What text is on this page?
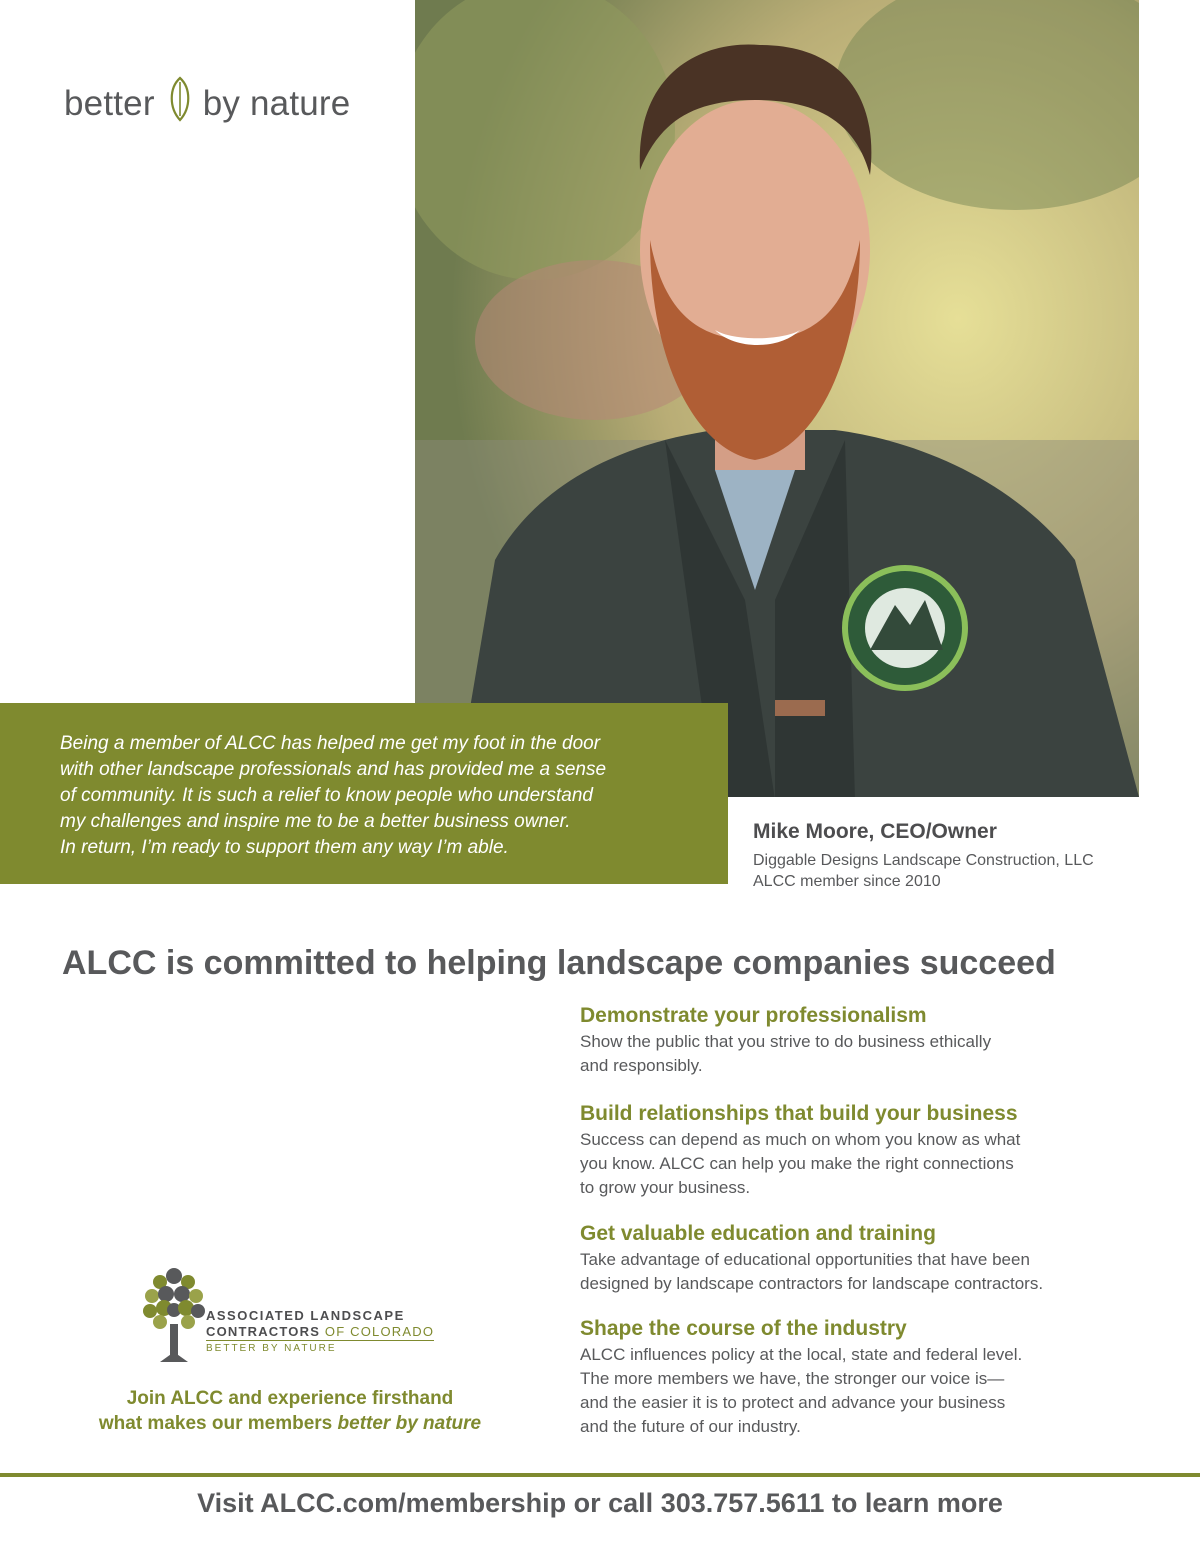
better by nature

Being a member of ALCC has helped me get my foot in the door
with other landscape professionals and has provided me a sense
of community. It is such a relief to know people who understand
my challenges and inspire me to be a better business owner.
In return, I’m ready to support them any way I’m able.

Mike Moore, CEO/Owner

Diggable Designs Landscape Construction, LLC

ALCC member since 2010

ALCC is committed to helping landscape companies succeed
Demonstrate your professionalism

Show the public that you strive to do business ethically
and responsibly.

Build relationships that build your business

Success can depend as much on whom you know as what
you know. ALCC can help you make the right connections
to grow your business.

Get valuable education and training

Take advantage of educational opportunities that have been
designed by landscape contractors for landscape contractors.

Shape the course of the industry

ALCC influences policy at the local, state and federal level.
The more members we have, the stronger our voice is—
and the easier it is to protect and advance your business
and the future of our industry.

ASSOCIATED LANDSCAPE

CONTRACTORS OF COLORADO

BETTER BY NATURE

Join ALCC and experience firsthand
what makes our members better by nature
Visit ALCC.com/membership or call 303.757.5611 to learn more
